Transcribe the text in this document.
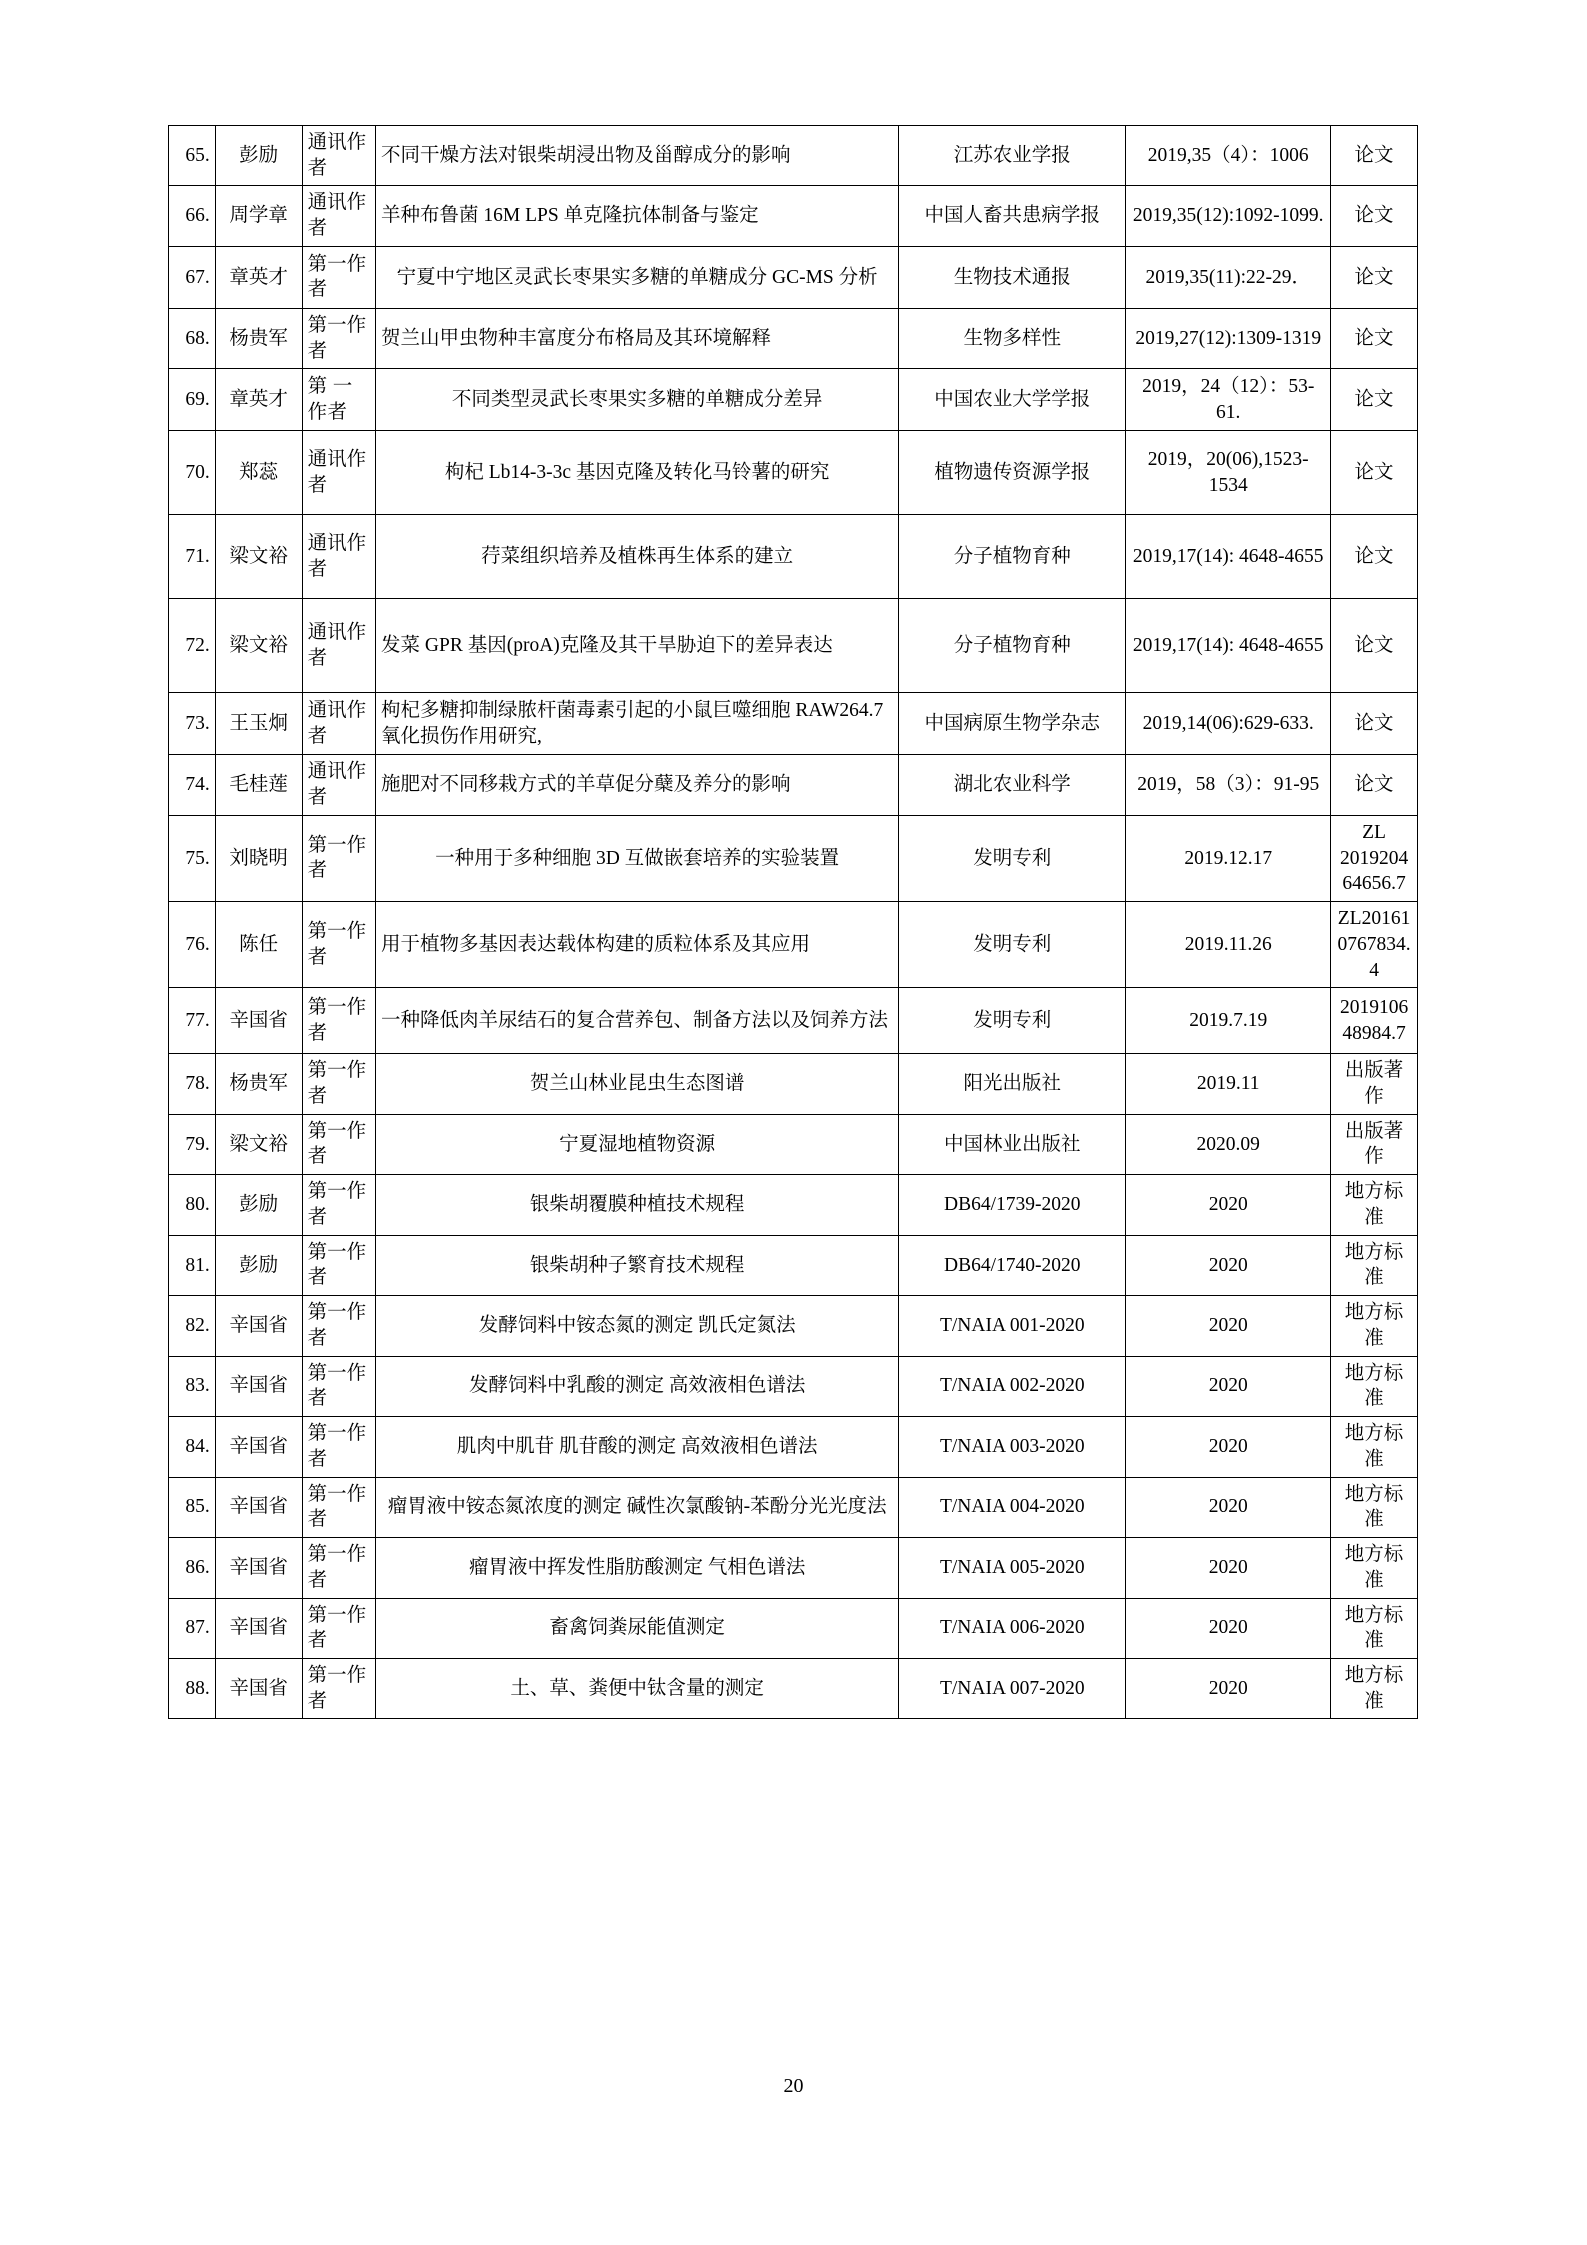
65.	彭励	通讯作者	不同干燥方法对银柴胡浸出物及甾醇成分的影响	江苏农业学报	2019,35（4）：1006	论文
66.	周学章	通讯作者	羊种布鲁菌 16M LPS 单克隆抗体制备与鉴定	中国人畜共患病学报	2019,35(12):1092-1099.	论文
67.	章英才	第一作者	宁夏中宁地区灵武长枣果实多糖的单糖成分 GC-MS 分析	生物技术通报	2019,35(11):22-29．	论文
68.	杨贵军	第一作者	贺兰山甲虫物种丰富度分布格局及其环境解释	生物多样性	2019,27(12):1309-1319	论文
69.	章英才	第 一作者	不同类型灵武长枣果实多糖的单糖成分差异	中国农业大学学报	2019，24（12）：53-61.	论文
70.	郑蕊	通讯作者	枸杞 Lb14-3-3c 基因克隆及转化马铃薯的研究	植物遗传资源学报	2019，20(06),1523-1534	论文
71.	梁文裕	通讯作者	荇菜组织培养及植株再生体系的建立	分子植物育种	2019,17(14): 4648-4655	论文
72.	梁文裕	通讯作者	发菜 GPR 基因(proA)克隆及其干旱胁迫下的差异表达	分子植物育种	2019,17(14): 4648-4655	论文
73.	王玉炯	通讯作者	枸杞多糖抑制绿脓杆菌毒素引起的小鼠巨噬细胞 RAW264.7 氧化损伤作用研究,	中国病原生物学杂志	2019,14(06):629-633.	论文
74.	毛桂莲	通讯作者	施肥对不同移栽方式的羊草促分蘖及养分的影响	湖北农业科学	2019，58（3）：91-95	论文
75.	刘晓明	第一作者	一种用于多种细胞 3D 互做嵌套培养的实验装置	发明专利	2019.12.17	ZL 201920464656.7
76.	陈任	第一作者	用于植物多基因表达载体构建的质粒体系及其应用	发明专利	2019.11.26	ZL201610767834.4
77.	辛国省	第一作者	一种降低肉羊尿结石的复合营养包、制备方法以及饲养方法	发明专利	2019.7.19	201910648984.7
78.	杨贵军	第一作者	贺兰山林业昆虫生态图谱	阳光出版社	2019.11	出版著作
79.	梁文裕	第一作者	宁夏湿地植物资源	中国林业出版社	2020.09	出版著作
80.	彭励	第一作者	银柴胡覆膜种植技术规程	DB64/1739-2020	2020	地方标准
81.	彭励	第一作者	银柴胡种子繁育技术规程	DB64/1740-2020	2020	地方标准
82.	辛国省	第一作者	发酵饲料中铵态氮的测定 凯氏定氮法	T/NAIA 001-2020	2020	地方标准
83.	辛国省	第一作者	发酵饲料中乳酸的测定 高效液相色谱法	T/NAIA 002-2020	2020	地方标准
84.	辛国省	第一作者	肌肉中肌苷 肌苷酸的测定 高效液相色谱法	T/NAIA 003-2020	2020	地方标准
85.	辛国省	第一作者	瘤胃液中铵态氮浓度的测定 碱性次氯酸钠-苯酚分光光度法	T/NAIA 004-2020	2020	地方标准
86.	辛国省	第一作者	瘤胃液中挥发性脂肪酸测定 气相色谱法	T/NAIA 005-2020	2020	地方标准
87.	辛国省	第一作者	畜禽饲粪尿能值测定	T/NAIA 006-2020	2020	地方标准
88.	辛国省	第一作者	土、草、粪便中钛含量的测定	T/NAIA 007-2020	2020	地方标准
20
